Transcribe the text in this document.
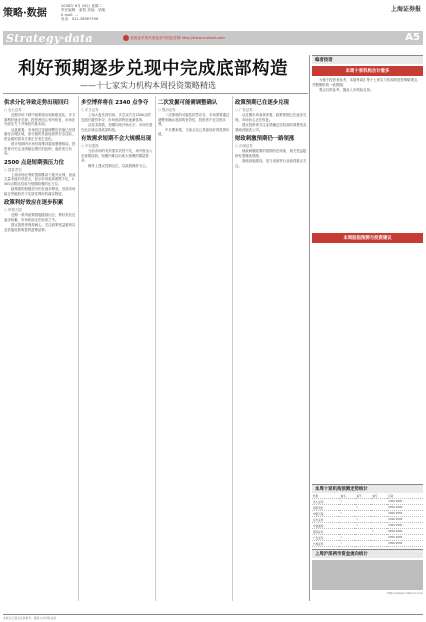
策略·数据
2008年 8月 26日 星期二
责任编辑：童智 美编：梁敏
E-mail: ...
电话：021-38967596
上海证券报
Strategy·data	查看更多资讯请登录中国证券网 http://www.cnstock.com	A5
利好预期逐步兑现中完成底部构造
——十七家实力机构本周投资策略精选
供求分化导致走势出现回归
○ 光大证券

近期市场下跌中政策面出现积极变化，多方面利好逐步兑现，投资者信心有所恢复，市场在外部压力下开始回归基本面。

从盘面看，市场经过连续调整后估值已经回落至合理区域，部分板块具备较高的安全边际，资金面的供求关系正在发生变化。

预计短期内市场仍将维持震荡整理格局，投资者可关注业绩稳定增长的品种，逢低适当布局。

2500 点是短期强压力位
○ 国泰君安

上周市场在利好预期推动下展开反弹，但成交量未能有效放大，显示市场追高意愿不足，2500点附近将成为短期较强的压力位。

政策面的积极信号仍在逐步释放，后续市场能否突破取决于实质性利好的落实程度。

政策利好效应在逐步积累
○ 申银万国

近期一系列政策措施陆续出台，利好效应在逐步积累，市场底部正在形成之中。

建议投资者保持耐心，关注政策受益板块以及估值优势明显的蓝筹品种。

多空博弈将在 2340 点争夺
○ 东方证券

上周大盘先抑后扬，多空双方在2340点附近展开激烈争夺，市场底部特征逐渐显现。

从技术面看，短期均线开始走平，市场有望在此区域完成底部构造。

有效需求短期不会大规模出现
○ 中信建投

当前市场的有效需求仍然不足，场外资金入市意愿较弱，短期内难以出现大规模的增量资金。

操作上建议控制仓位，以波段操作为主。

二次发掘可能需调整确认
○ 银河证券

二次探底的可能性依然存在，市场需要通过调整来确认底部的有效性，投资者不宜过度乐观。

中长期来看，当前点位已具备较好的投资价值。

政策预期已在逐步兑现
○ 广发证券

从近期市场表现来看，政策预期已在逐步兑现，市场信心正在恢复。

建议投资者关注业绩确定性较高的消费类及基础设施类公司。

财政刺激预期仍一路领涨
○ 长城证券

财政刺激政策的预期仍在持续，相关受益板块有望继续领涨。

基础设施建设、电力设备等行业值得重点关注。

编者按语
本周十家机构合计看多

为便于投资者参考，本版每周汇集十七家实力机构的投资策略观点，并整理机构一致预期。

观点仅供参考，据此入市风险自担。

本周股指预测与投资建议
本周十家机构预测走势统计
机构	看多	看平	看空	区间
光大证券	√			2300-2600
国泰君安		√		2350-2500
申银万国	√			2300-2550
东方证券		√		2340-2500
中信建投		√		2300-2500
银河证券			√	2250-2450
广发证券	√			2350-2600
长城证券	√			2300-2550
上周沪深两市资金流向统计
http://www.cnstock.com
本版文章观点仅供参考，据此入市风险自担
